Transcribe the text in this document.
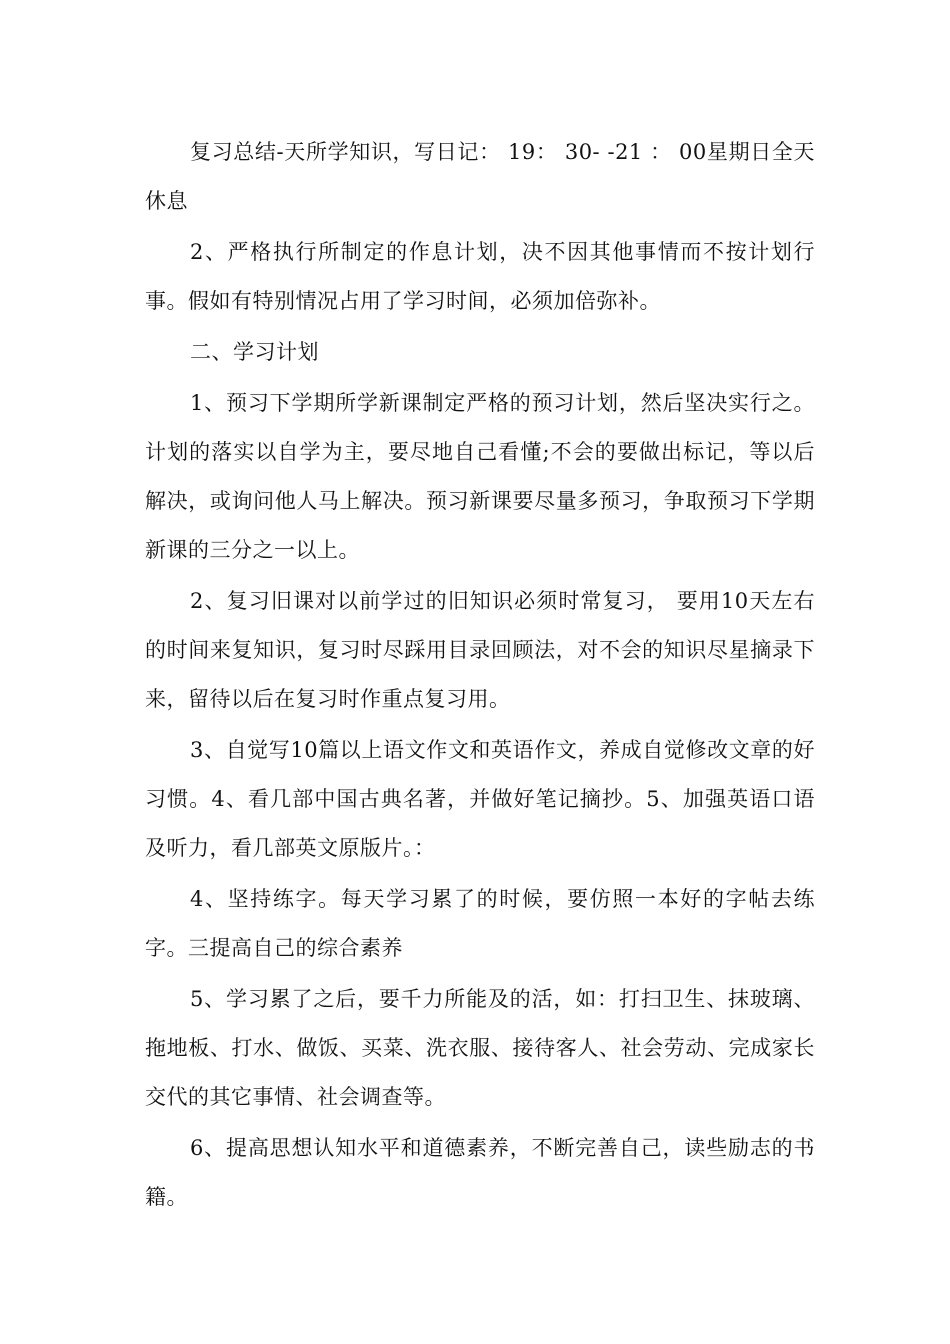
复习总结-天所学知识，写日记： 19： 30- -21 ： 00星期日全天休息

2、严格执行所制定的作息计划，决不因其他事情而不按计划行事。假如有特别情况占用了学习时间，必须加倍弥补。

二、学习计划

1、预习下学期所学新课制定严格的预习计划，然后坚决实行之。计划的落实以自学为主，要尽地自己看懂;不会的要做出标记，等以后解决，或询问他人马上解决。预习新课要尽量多预习，争取预习下学期新课的三分之一以上。

2、复习旧课对以前学过的旧知识必须时常复习， 要用10天左右的时间来复知识，复习时尽踩用目录回顾法，对不会的知识尽星摘录下来，留待以后在复习时作重点复习用。

3、自觉写10篇以上语文作文和英语作文，养成自觉修改文章的好习惯。4、看几部中国古典名著，并做好笔记摘抄。5、加强英语口语及听力，看几部英文原版片。：

4、坚持练字。每天学习累了的时候，要仿照一本好的字帖去练字。三提高自己的综合素养

5、学习累了之后，要千力所能及的活，如：打扫卫生、抹玻璃、拖地板、打水、做饭、买菜、洗衣服、接待客人、社会劳动、完成家长交代的其它事情、社会调查等。

6、提高思想认知水平和道德素养，不断完善自己，读些励志的书籍。
